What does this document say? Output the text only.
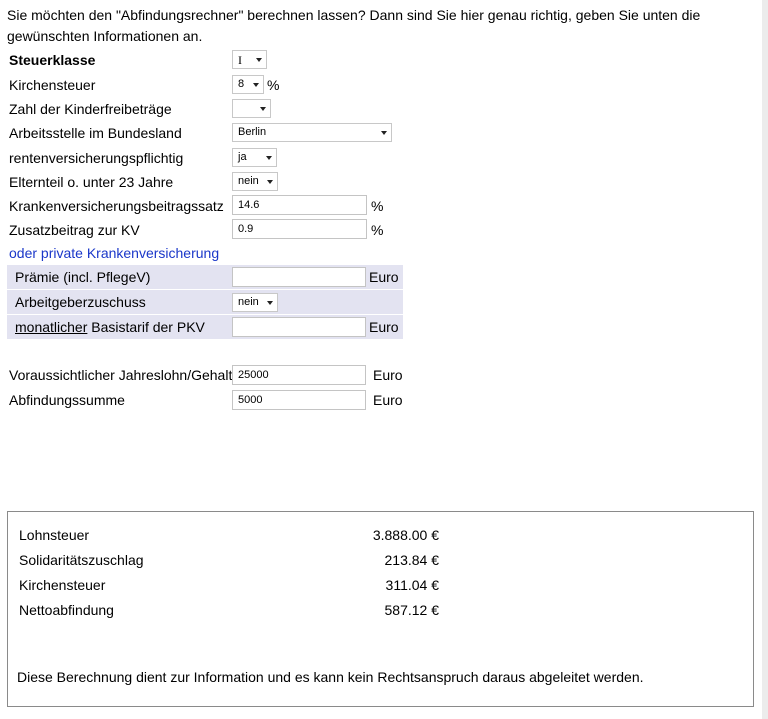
Sie möchten den "Abfindungsrechner" berechnen lassen? Dann sind Sie hier genau richtig, geben Sie unten die gewünschten Informationen an.
Steuerklasse	I
Kirchensteuer	8	%
Zahl der Kinderfreibeträge
Arbeitsstelle im Bundesland	Berlin
rentenversicherungspflichtig	ja
Elternteil o. unter 23 Jahre	nein
Krankenversicherungsbeitragssatz	14.6	%
Zusatzbeitrag zur KV	0.9	%
oder private Krankenversicherung
Prämie (incl. PflegeV)	Euro
Arbeitgeberzuschuss	nein
monatlicher Basistarif der PKV	Euro
Voraussichtlicher Jahreslohn/Gehalt 25000	Euro
Abfindungssumme	5000	Euro
Lohnsteuer	3.888.00 €
Solidaritätszuschlag	213.84 €
Kirchensteuer	311.04 €
Nettoabfindung	587.12 €
Diese Berechnung dient zur Information und es kann kein Rechtsanspruch daraus abgeleitet werden.
